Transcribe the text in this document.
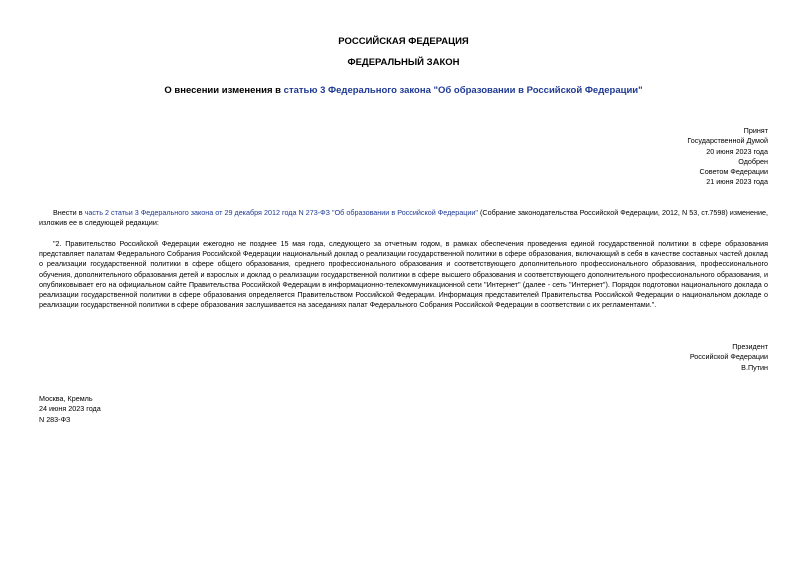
РОССИЙСКАЯ ФЕДЕРАЦИЯ
ФЕДЕРАЛЬНЫЙ ЗАКОН
О внесении изменения в статью 3 Федерального закона "Об образовании в Российской Федерации"
Принят
Государственной Думой
20 июня 2023 года
Одобрен
Советом Федерации
21 июня 2023 года
Внести в часть 2 статьи 3 Федерального закона от 29 декабря 2012 года N 273-ФЗ "Об образовании в Российской Федерации" (Собрание законодательства Российской Федерации, 2012, N 53, ст.7598) изменение, изложив ее в следующей редакции:
"2. Правительство Российской Федерации ежегодно не позднее 15 мая года, следующего за отчетным годом, в рамках обеспечения проведения единой государственной политики в сфере образования представляет палатам Федерального Собрания Российской Федерации национальный доклад о реализации государственной политики в сфере образования, включающий в себя в качестве составных частей доклад о реализации государственной политики в сфере общего образования, среднего профессионального образования и соответствующего дополнительного профессионального образования, профессионального обучения, дополнительного образования детей и взрослых и доклад о реализации государственной политики в сфере высшего образования и соответствующего дополнительного профессионального образования, и опубликовывает его на официальном сайте Правительства Российской Федерации в информационно-телекоммуникационной сети "Интернет" (далее - сеть "Интернет"). Порядок подготовки национального доклада о реализации государственной политики в сфере образования определяется Правительством Российской Федерации. Информация представителей Правительства Российской Федерации о национальном докладе о реализации государственной политики в сфере образования заслушивается на заседаниях палат Федерального Собрания Российской Федерации в соответствии с их регламентами.".
Президент
Российской Федерации
В.Путин
Москва, Кремль
24 июня 2023 года
N 283-ФЗ
